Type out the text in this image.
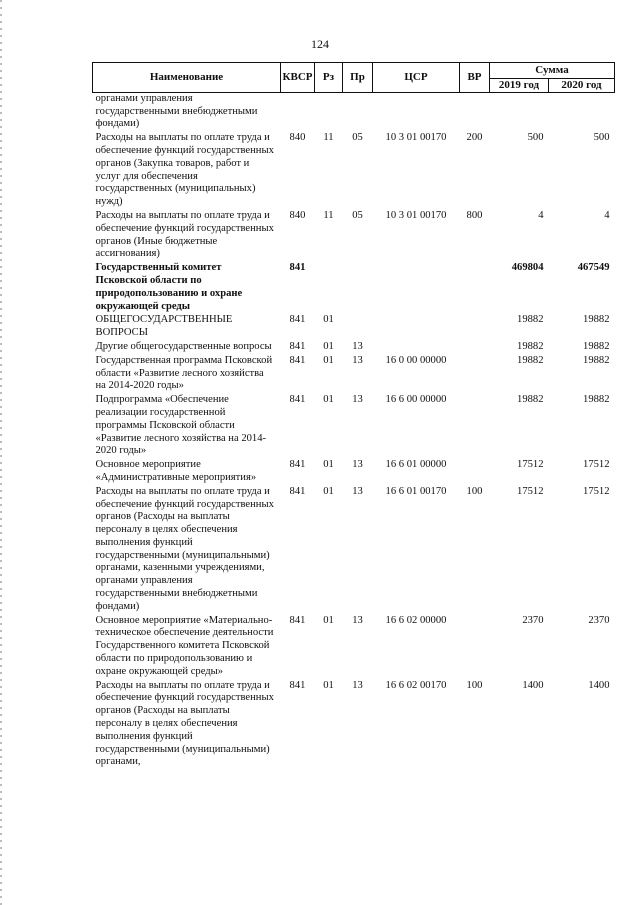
124
Наименование	КВСР	Рз	Пр	ЦСР	ВР	Сумма	
						2019 год	2020 год
органами управления государственными внебюджетными фондами)							
Расходы на выплаты по оплате труда и обеспечение функций государственных органов (Закупка товаров, работ и услуг для обеспечения государственных (муниципальных) нужд)	840	11	05	10 3 01 00170	200	500	500
Расходы на выплаты по оплате труда и обеспечение функций государственных органов (Иные бюджетные ассигнования)	840	11	05	10 3 01 00170	800	4	4
Государственный комитет Псковской области по природопользованию и охране окружающей среды	841					469804	467549
ОБЩЕГОСУДАРСТВЕННЫЕ ВОПРОСЫ	841	01				19882	19882
Другие общегосударственные вопросы	841	01	13			19882	19882
Государственная программа Псковской области «Развитие лесного хозяйства на 2014-2020 годы»	841	01	13	16 0 00 00000		19882	19882
Подпрограмма «Обеспечение реализации государственной программы Псковской области «Развитие лесного хозяйства на 2014-2020 годы»	841	01	13	16 6 00 00000		19882	19882
Основное мероприятие «Административные мероприятия»	841	01	13	16 6 01 00000		17512	17512
Расходы на выплаты по оплате труда и обеспечение функций государственных органов (Расходы на выплаты персоналу в целях обеспечения выполнения функций государственными (муниципальными) органами, казенными учреждениями, органами управления государственными внебюджетными фондами)	841	01	13	16 6 01 00170	100	17512	17512
Основное мероприятие «Материально-техническое обеспечение деятельности Государственного комитета Псковской области по природопользованию и охране окружающей среды»	841	01	13	16 6 02 00000		2370	2370
Расходы на выплаты по оплате труда и обеспечение функций государственных органов (Расходы на выплаты персоналу в целях обеспечения выполнения функций государственными (муниципальными) органами,	841	01	13	16 6 02 00170	100	1400	1400
